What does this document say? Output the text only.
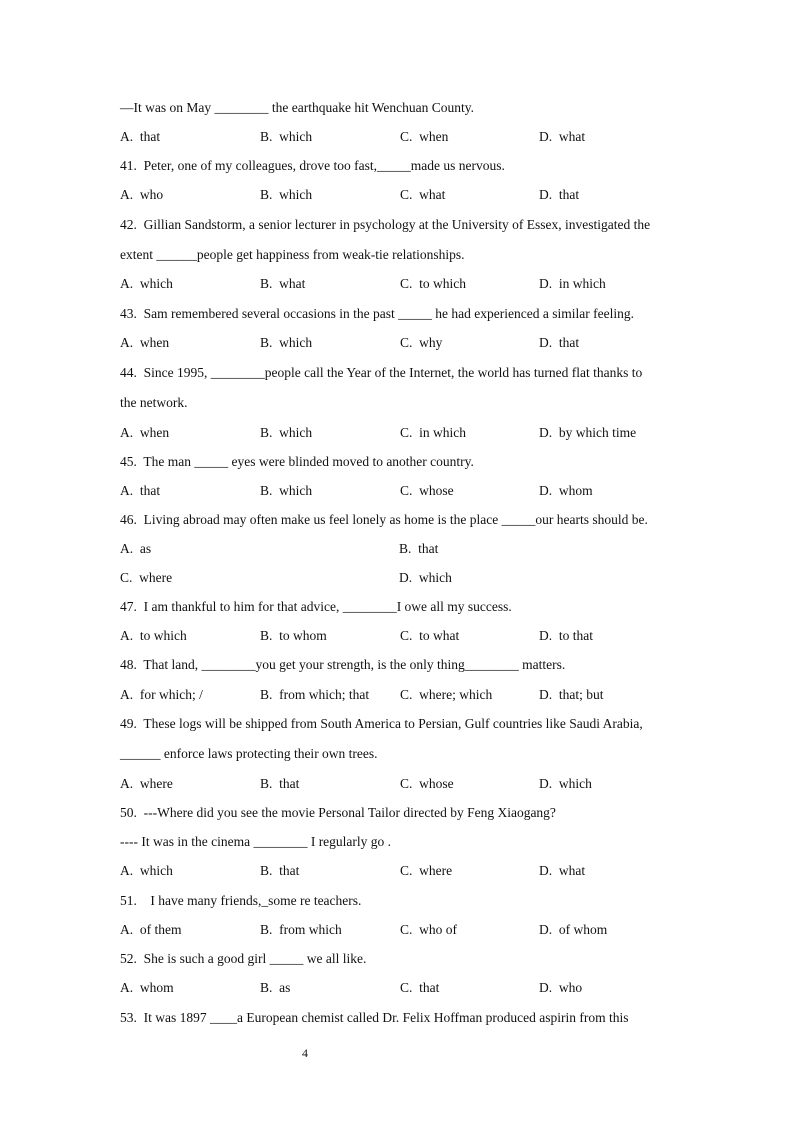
—It was on May ________ the earthquake hit Wenchuan County.
A.  that	B.  which	C.  when	D.  what
41.  Peter, one of my colleagues, drove too fast,_____made us nervous.
A.  who	B.  which	C.  what	D.  that
42.  Gillian Sandstorm, a senior lecturer in psychology at the University of Essex, investigated the
extent ______people get happiness from weak-tie relationships.
A.  which	B.  what	C.  to which	D.  in which
43.  Sam remembered several occasions in the past _____ he had experienced a similar feeling.
A.  when	B.  which	C.  why	D.  that
44.  Since 1995, ________people call the Year of the Internet, the world has turned flat thanks to
the network.
A.  when	B.  which	C.  in which	D.  by which time
45.  The man _____ eyes were blinded moved to another country.
A.  that	B.  which	C.  whose	D.  whom
46.  Living abroad may often make us feel lonely as home is the place _____our hearts should be.
A.  as	B.  that
C.  where	D.  which
47.  I am thankful to him for that advice, ________I owe all my success.
A.  to which	B.  to whom	C.  to what	D.  to that
48.  That land, ________you get your strength, is the only thing________ matters.
A.  for which; /	B.  from which; that C.  where; which	D.  that; but
49.  These logs will be shipped from South America to Persian, Gulf countries like Saudi Arabia,
______ enforce laws protecting their own trees.
A.  where	B.  that	C.  whose	D.  which
50.  ---Where did you see the movie Personal Tailor directed by Feng Xiaogang?
---- It was in the cinema ________ I regularly go .
A.  which	B.  that	C.  where	D.  what
51.    I have many friends,_some re teachers.
A.  of them	B.  from which	C.  who of	D.  of whom
52.  She is such a good girl _____ we all like.
A.  whom	B.  as	C.  that	D.  who
53.  It was 1897 ____a European chemist called Dr. Felix Hoffman produced aspirin from this
4
